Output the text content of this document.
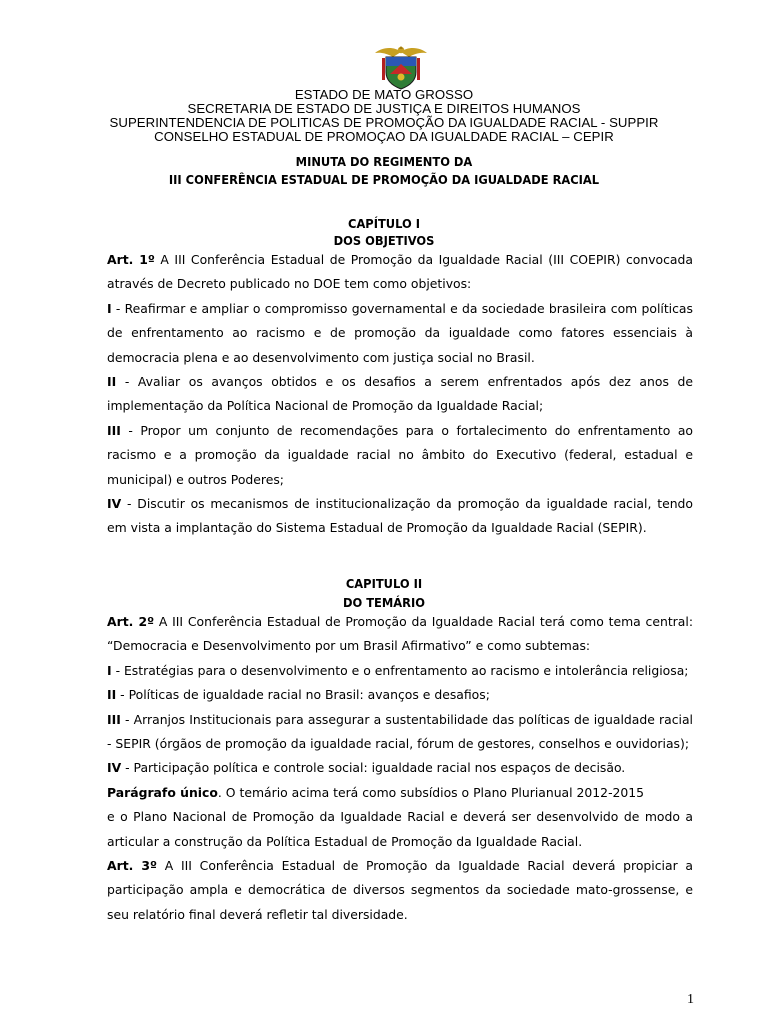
ESTADO DE MATO GROSSO
SECRETARIA DE ESTADO DE JUSTIÇA E DIREITOS HUMANOS
SUPERINTENDENCIA DE POLITICAS DE PROMOÇÃO DA IGUALDADE RACIAL - SUPPIR
CONSELHO ESTADUAL DE PROMOÇAO DA IGUALDADE RACIAL – CEPIR
MINUTA DO REGIMENTO DA
III CONFERÊNCIA ESTADUAL DE PROMOÇÃO DA IGUALDADE RACIAL
CAPÍTULO I
DOS OBJETIVOS

Art. 1º A III Conferência Estadual de Promoção da Igualdade Racial (III COEPIR) convocada através de Decreto publicado no DOE tem como objetivos:

I - Reafirmar e ampliar o compromisso governamental e da sociedade brasileira com políticas de enfrentamento ao racismo e de promoção da igualdade como fatores essenciais à democracia plena e ao desenvolvimento com justiça social no Brasil.

II - Avaliar os avanços obtidos e os desafios a serem enfrentados após dez anos de implementação da Política Nacional de Promoção da Igualdade Racial;

III - Propor um conjunto de recomendações para o fortalecimento do enfrentamento ao racismo e a promoção da igualdade racial no âmbito do Executivo (federal, estadual e municipal) e outros Poderes;

IV - Discutir os mecanismos de institucionalização da promoção da igualdade racial, tendo em vista a implantação do Sistema Estadual de Promoção da Igualdade Racial (SEPIR).

CAPITULO II
DO TEMÁRIO

Art. 2º A III Conferência Estadual de Promoção da Igualdade Racial terá como tema central: “Democracia e Desenvolvimento por um Brasil Afirmativo” e como subtemas:

I - Estratégias para o desenvolvimento e o enfrentamento ao racismo e intolerância religiosa;

II - Políticas de igualdade racial no Brasil: avanços e desafios;

III - Arranjos Institucionais para assegurar a sustentabilidade das políticas de igualdade racial - SEPIR (órgãos de promoção da igualdade racial, fórum de gestores, conselhos e ouvidorias);

IV - Participação política e controle social: igualdade racial nos espaços de decisão.

Parágrafo único. O temário acima terá como subsídios o Plano Plurianual 2012-2015

e o Plano Nacional de Promoção da Igualdade Racial e deverá ser desenvolvido de modo a articular a construção da Política Estadual de Promoção da Igualdade Racial.

Art. 3º A III Conferência Estadual de Promoção da Igualdade Racial deverá propiciar a participação ampla e democrática de diversos segmentos da sociedade mato-grossense, e seu relatório final deverá refletir tal diversidade.

1
